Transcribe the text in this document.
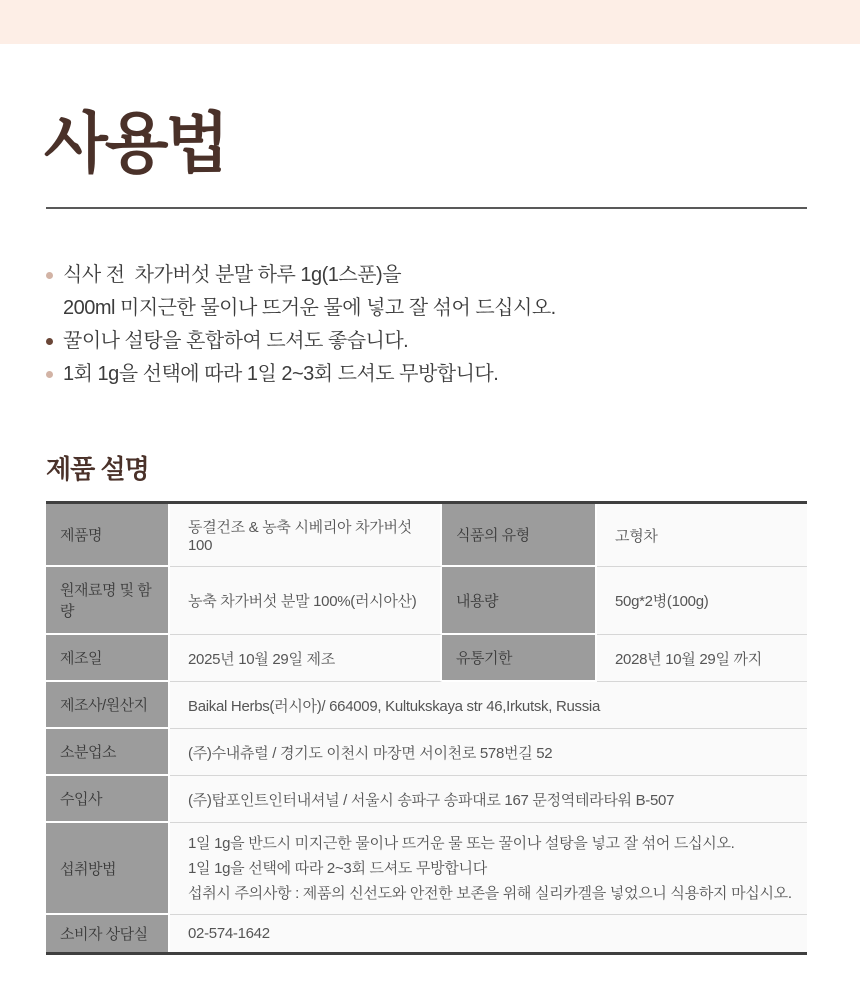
사용법
식사 전  차가버섯 분말 하루 1g(1스푼)을
200ml 미지근한 물이나 뜨거운 물에 넣고 잘 섞어 드십시오.
꿀이나 설탕을 혼합하여 드셔도 좋습니다.
1회 1g을 선택에 따라 1일 2~3회 드셔도 무방합니다.
제품 설명
제품명	동결건조 & 농축 시베리아 차가버섯 100	식품의 유형	고형차
원재료명 및 함량	농축 차가버섯 분말 100%(러시아산)	내용량	50g*2병(100g)
제조일	2025년 10월 29일 제조	유통기한	2028년 10월 29일 까지
제조사/원산지	Baikal Herbs(러시아)/ 664009, Kultukskaya str 46,Irkutsk, Russia		
소분업소	(주)수내츄럴 / 경기도 이천시 마장면 서이천로 578번길 52		
수입사	(주)탑포인트인터내셔널 / 서울시 송파구 송파대로 167 문정역테라타워 B-507		
섭취방법	1일 1g을 반드시 미지근한 물이나 뜨거운 물 또는 꿀이나 설탕을 넣고 잘 섞어 드십시오.
1일 1g을 선택에 따라 2~3회 드셔도 무방합니다
섭취시 주의사항 : 제품의 신선도와 안전한 보존을 위해 실리카겔을 넣었으니 식용하지 마십시오.		

소비자 상담실	02-574-1642		
